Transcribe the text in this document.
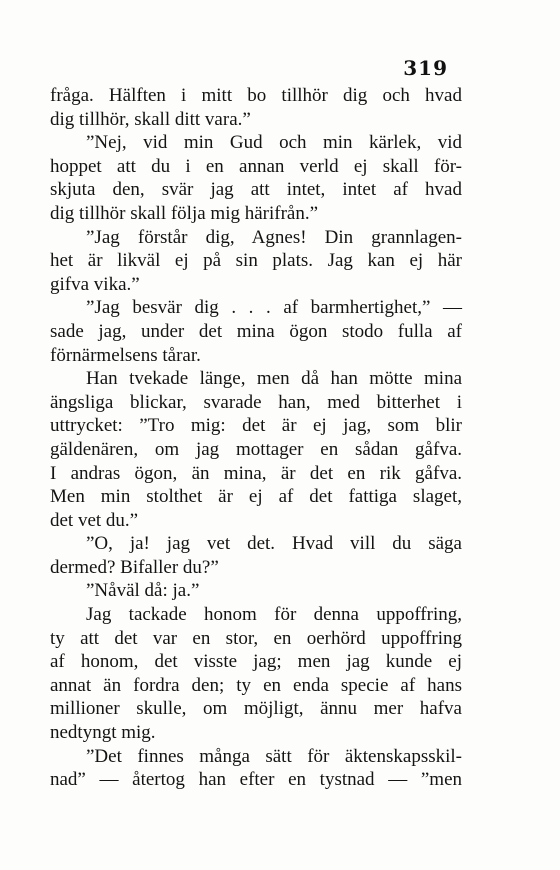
319
fråga. Hälften i mitt bo tillhör dig och hvad
dig tillhör, skall ditt vara.”
”Nej, vid min Gud och min kärlek, vid
hoppet att du i en annan verld ej skall för-
skjuta den, svär jag att intet, intet af hvad
dig tillhör skall följa mig härifrån.”
”Jag förstår dig, Agnes! Din grannlagen-
het är likväl ej på sin plats. Jag kan ej här
gifva vika.”
”Jag besvär dig . . . af barmhertighet,” —
sade jag, under det mina ögon stodo fulla af
förnärmelsens tårar.
Han tvekade länge, men då han mötte mina
ängsliga blickar, svarade han, med bitterhet i
uttrycket: ”Tro mig: det är ej jag, som blir
gäldenären, om jag mottager en sådan gåfva.
I andras ögon, än mina, är det en rik gåfva.
Men min stolthet är ej af det fattiga slaget,
det vet du.”
”O, ja! jag vet det. Hvad vill du säga
dermed? Bifaller du?”
”Nåväl då: ja.”
Jag tackade honom för denna uppoffring,
ty att det var en stor, en oerhörd uppoffring
af honom, det visste jag; men jag kunde ej
annat än fordra den; ty en enda specie af hans
millioner skulle, om möjligt, ännu mer hafva
nedtyngt mig.
”Det finnes många sätt för äktenskapsskil-
nad” — återtog han efter en tystnad — ”men
